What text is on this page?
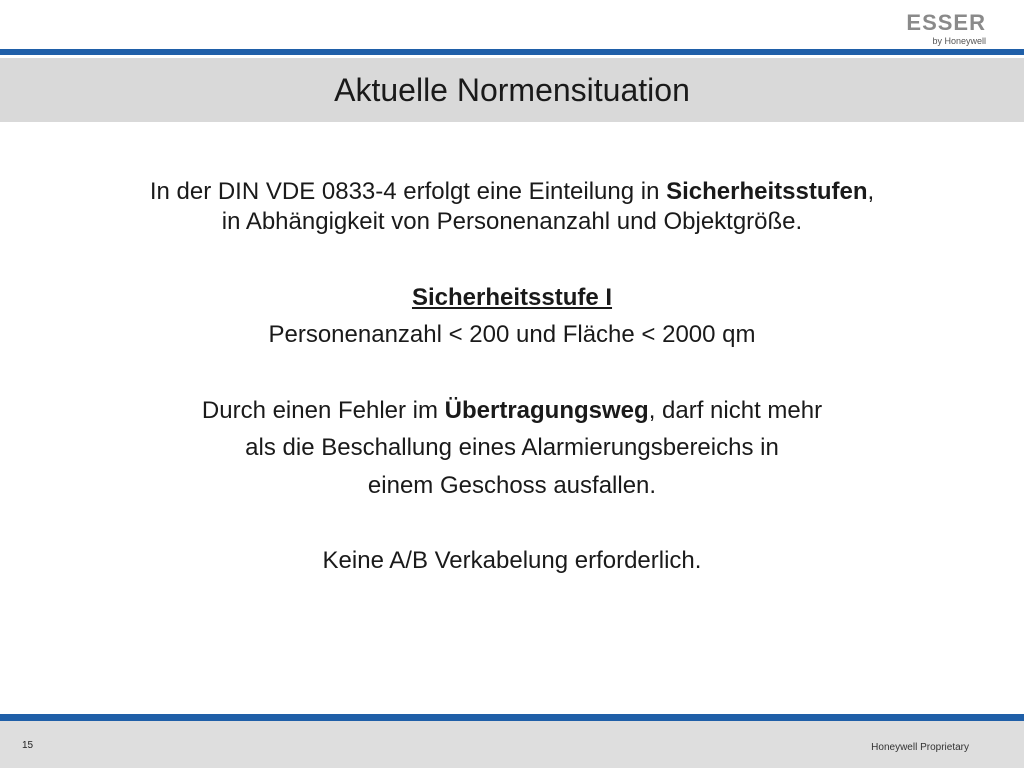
ESSER
by Honeywell
Aktuelle Normensituation
In der DIN VDE 0833-4 erfolgt eine Einteilung in Sicherheitsstufen,
in Abhängigkeit von Personenanzahl und Objektgröße.
Sicherheitsstufe I
Personenanzahl < 200 und Fläche < 2000 qm
Durch einen Fehler im Übertragungsweg, darf nicht mehr
als die Beschallung eines Alarmierungsbereichs in
einem Geschoss ausfallen.
Keine A/B Verkabelung erforderlich.
15	Honeywell Proprietary
